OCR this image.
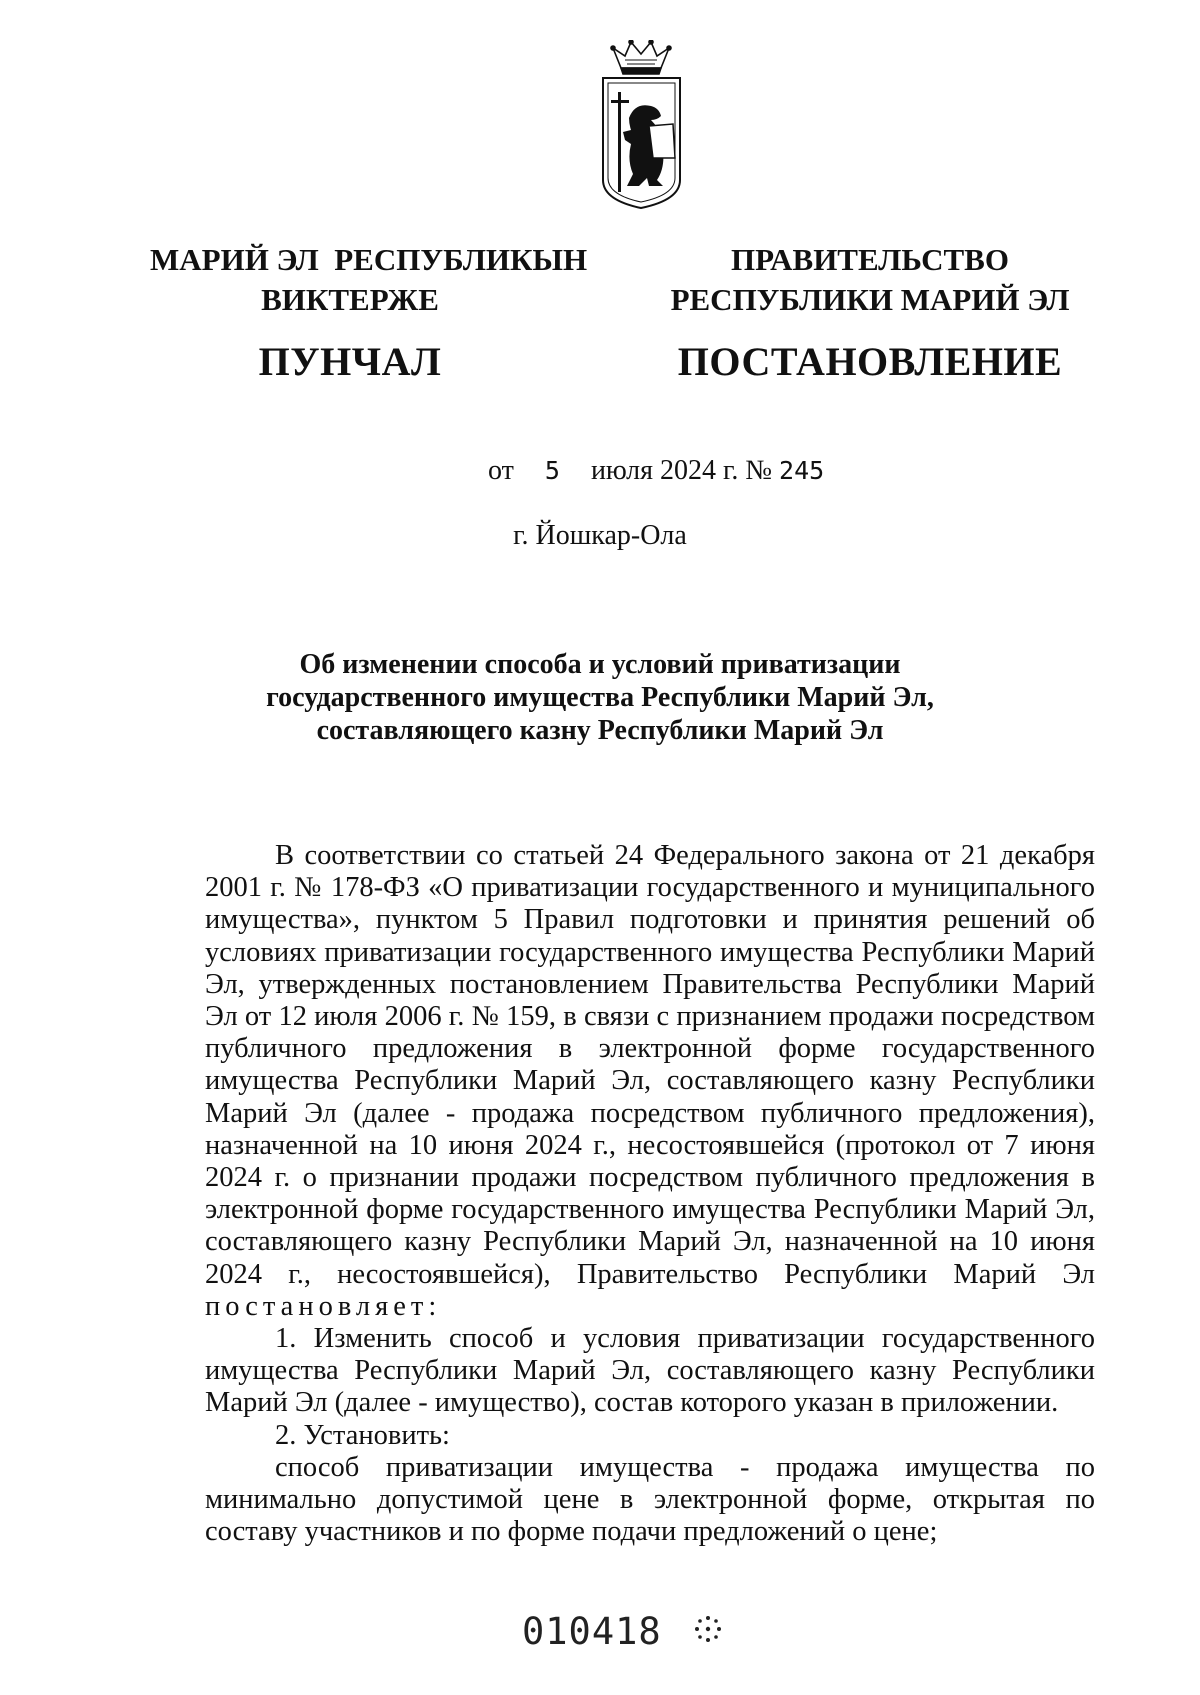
МАРИЙ ЭЛ  РЕСПУБЛИКЫН
ВИКТЕРЖЕ
ПУНЧАЛ
ПРАВИТЕЛЬСТВО
РЕСПУБЛИКИ МАРИЙ ЭЛ
ПОСТАНОВЛЕНИЕ
от 5 июля 2024 г. № 245
г. Йошкар-Ола
Об изменении способа и условий приватизации
государственного имущества Республики Марий Эл,
составляющего казну Республики Марий Эл

В соответствии со статьей 24 Федерального закона от 21 декабря 2001 г. № 178-ФЗ «О приватизации государственного и муниципального имущества», пунктом 5 Правил подготовки и принятия решений об условиях приватизации государственного имущества Республики Марий Эл, утвержденных постановлением Правительства Республики Марий Эл от 12 июля 2006 г. № 159, в связи с признанием продажи посредством публичного предложения в электронной форме государственного имущества Республики Марий Эл, составляющего казну Республики Марий Эл (далее - продажа посредством публичного предложения), назначенной на 10 июня 2024 г., несостоявшейся (протокол от 7 июня 2024 г. о признании продажи посредством публичного предложения в электронной форме государственного имущества Республики Марий Эл, составляющего казну Республики Марий Эл, назначенной на 10 июня 2024 г., несостоявшейся), Правительство Республики Марий Эл постановляет:

1. Изменить способ и условия приватизации государственного имущества Республики Марий Эл, составляющего казну Республики Марий Эл (далее - имущество), состав которого указан в приложении.

2. Установить:

способ приватизации имущества - продажа имущества по минимально допустимой цене в электронной форме, открытая по составу участников и по форме подачи предложений о цене;

010418
